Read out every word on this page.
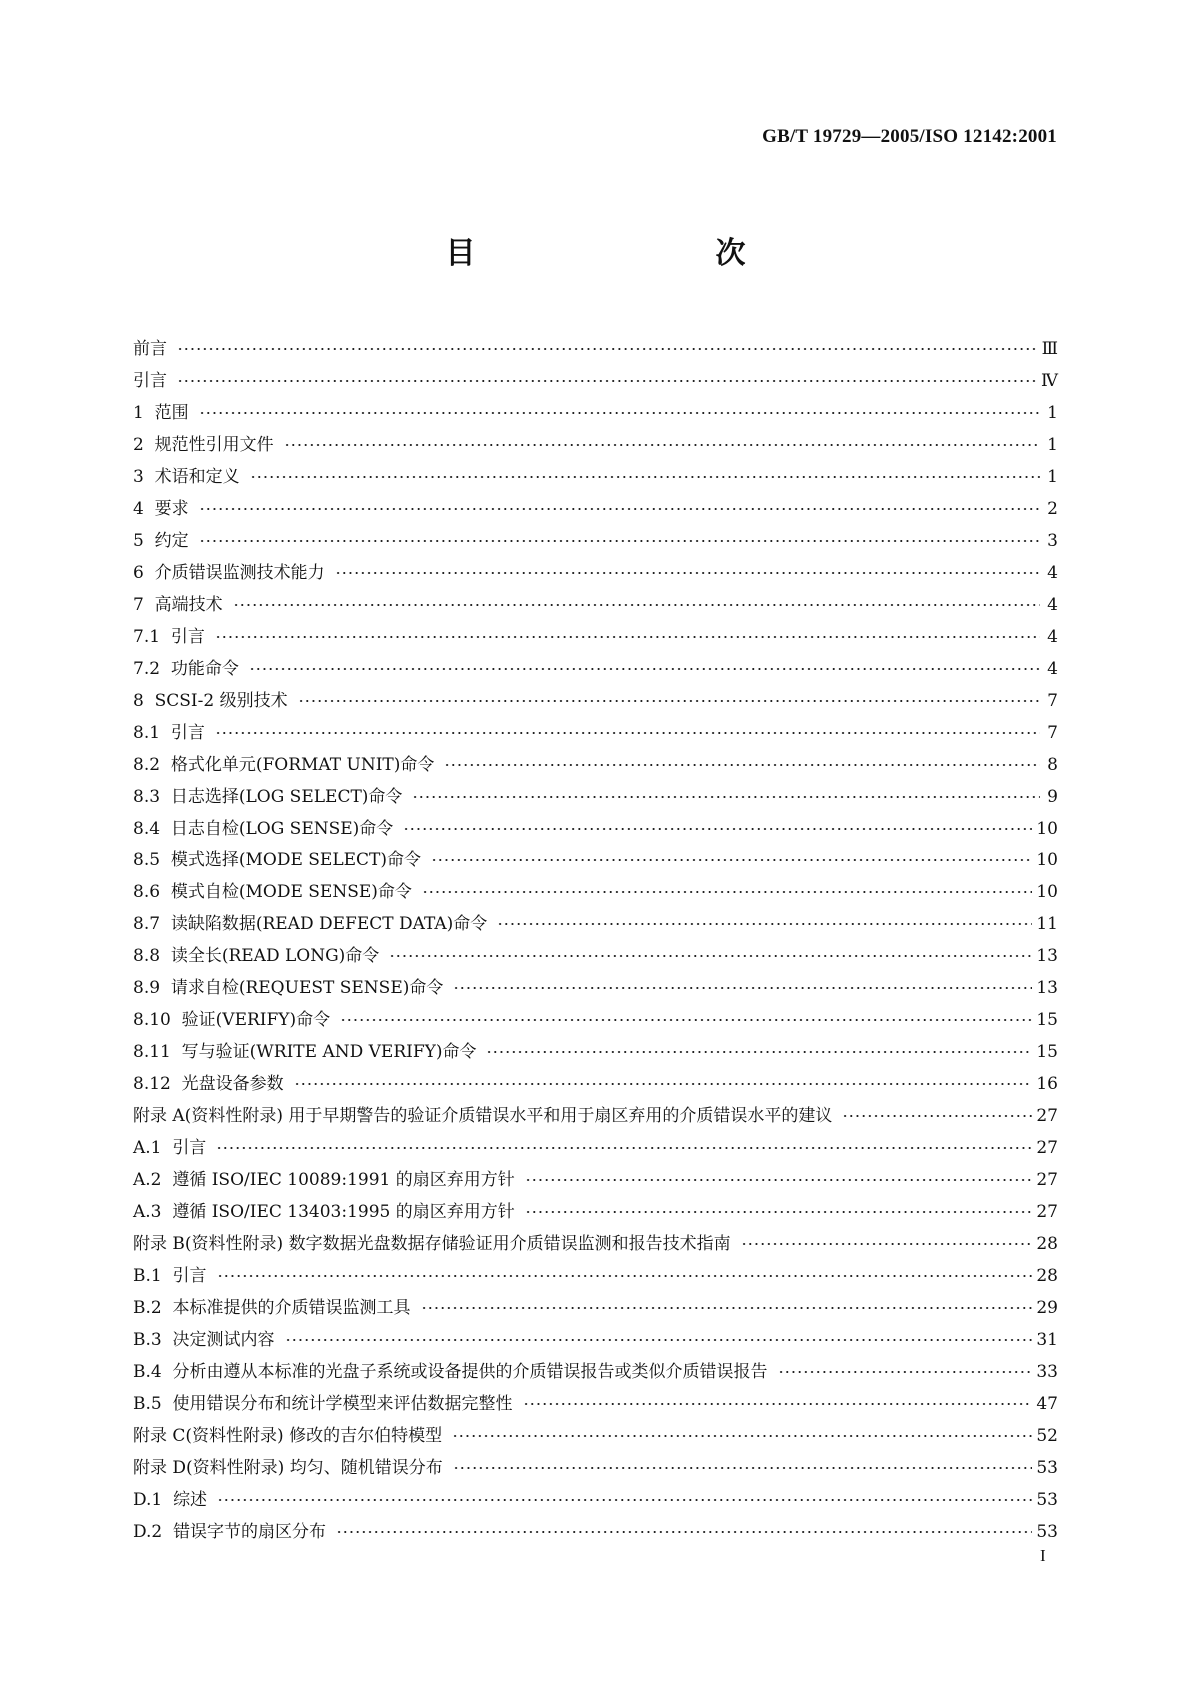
GB/T 19729—2005/ISO 12142:2001
目　　次
前言	Ⅲ
引言	Ⅳ
1 范围	1
2 规范性引用文件	1
3 术语和定义	1
4 要求	2
5 约定	3
6 介质错误监测技术能力	4
7 高端技术	4
7.1 引言	4
7.2 功能命令	4
8 SCSI-2 级别技术	7
8.1 引言	7
8.2 格式化单元(FORMAT UNIT)命令	8
8.3 日志选择(LOG SELECT)命令	9
8.4 日志自检(LOG SENSE)命令	10
8.5 模式选择(MODE SELECT)命令	10
8.6 模式自检(MODE SENSE)命令	10
8.7 读缺陷数据(READ DEFECT DATA)命令	11
8.8 读全长(READ LONG)命令	13
8.9 请求自检(REQUEST SENSE)命令	13
8.10 验证(VERIFY)命令	15
8.11 写与验证(WRITE AND VERIFY)命令	15
8.12 光盘设备参数	16
附录 A(资料性附录) 用于早期警告的验证介质错误水平和用于扇区弃用的介质错误水平的建议	27
A.1 引言	27
A.2 遵循 ISO/IEC 10089:1991 的扇区弃用方针	27
A.3 遵循 ISO/IEC 13403:1995 的扇区弃用方针	27
附录 B(资料性附录) 数字数据光盘数据存储验证用介质错误监测和报告技术指南	28
B.1 引言	28
B.2 本标准提供的介质错误监测工具	29
B.3 决定测试内容	31
B.4 分析由遵从本标准的光盘子系统或设备提供的介质错误报告或类似介质错误报告	33
B.5 使用错误分布和统计学模型来评估数据完整性	47
附录 C(资料性附录) 修改的吉尔伯特模型	52
附录 D(资料性附录) 均匀、随机错误分布	53
D.1 综述	53
D.2 错误字节的扇区分布	53
I
